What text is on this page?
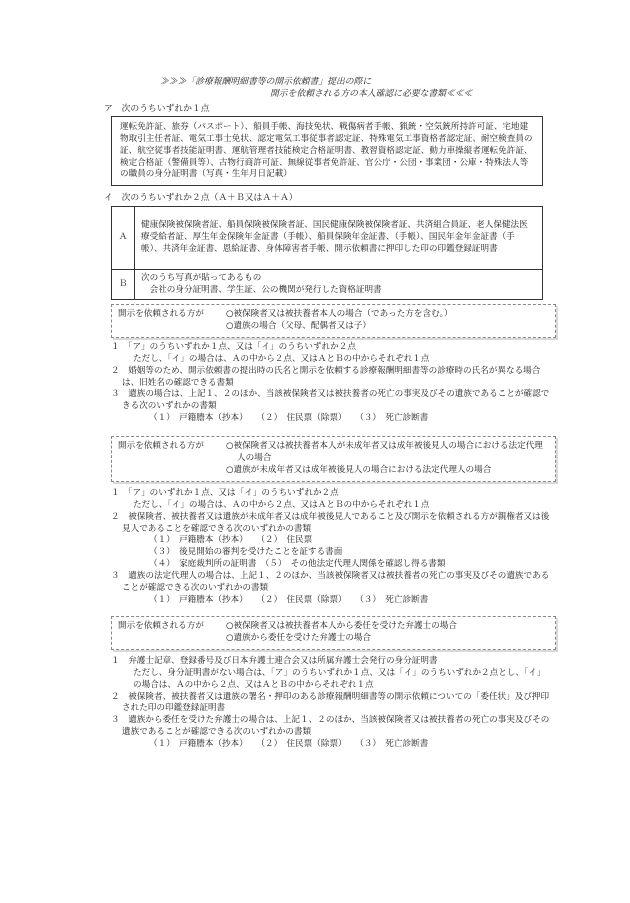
≫≫≫「診療報酬明細書等の開示依頼書」提出の際に
開示を依頼される方の本人確認に必要な書類≪≪≪
ア　次のうちいずれか１点
運転免許証、旅券（パスポート）、船員手帳、海技免状、戦傷病者手帳、猟銃・空気銃所持許可証、宅地建物取引主任者証、電気工事士免状、認定電気工事従事者認定証、特殊電気工事資格者認定証、耐空検査員の証、航空従事者技能証明書、運航管理者技能検定合格証明書、教習資格認定証、動力車操縦者運転免許証、検定合格証（警備員等）、古物行商許可証、無線従事者免許証、官公庁・公団・事業団・公庫・特殊法人等の職員の身分証明書（写真・生年月日記載）
イ　次のうちいずれか２点（Ａ＋Ｂ又はＡ＋Ａ）
Ａ	健康保険被保険者証、船員保険被保険者証、国民健康保険被保険者証、共済組合員証、老人保健法医療受給者証、厚生年金保険年金証書（手帳）、船員保険年金証書、（手帳）、国民年金年金証書（手帳）、共済年金証書、恩給証書、身体障害者手帳、開示依頼書に押印した印の印鑑登録証明書
Ｂ	次のうち写真が貼ってあるもの
　会社の身分証明書、学生証、公の機関が発行した資格証明書
開示を依頼される方が	○被保険者又は被扶養者本人の場合（であった方を含む。）
○遺族の場合（父母、配偶者又は子）
１　「ア」のうちいずれか１点、又は「イ」のうちいずれか２点
ただし、「イ」の場合は、Ａの中から２点、又はＡとＢの中からそれぞれ１点
２　婚姻等のため、開示依頼書の提出時の氏名と開示を依頼する診療報酬明細書等の診療時の氏名が異なる場合は、旧姓名の確認できる書類
３　遺族の場合は、上記１、２のほか、当該被保険者又は被扶養者の死亡の事実及びその遺族であることが確認できる次のいずれかの書類
（１）　戸籍謄本（抄本）　　（２）　住民票（除票）　　（３）　死亡診断書
開示を依頼される方が	○被保険者又は被扶養者本人が未成年者又は成年被後見人の場合における法定代理人の場合
○遺族が未成年者又は成年被後見人の場合における法定代理人の場合
１　「ア」のいずれか１点、又は「イ」のうちいずれか２点
ただし、「イ」の場合は、Ａの中から２点、又はＡとＢの中からそれぞれ１点
２　被保険者、被扶養者又は遺族が未成年者又は成年被後見人であること及び開示を依頼される方が親権者又は後見人であることを確認できる次のいずれかの書類
（１）　戸籍謄本（抄本）　　（２）　住民票
（３）　後見開始の審判を受けたことを証する書面
（４）　家庭裁判所の証明書　（５）　その他法定代理人関係を確認し得る書類
３　遺族の法定代理人の場合は、上記１、２のほか、当該被保険者又は被扶養者の死亡の事実及びその遺族であることが確認できる次のいずれかの書類
（１）　戸籍謄本（抄本）　　（２）　住民票（除票）　　（３）　死亡診断書
開示を依頼される方が	○被保険者又は被扶養者本人から委任を受けた弁護士の場合
○遺族から委任を受けた弁護士の場合
１　弁護士記章、登録番号及び日本弁護士連合会又は所属弁護士会発行の身分証明書
ただし、身分証明書がない場合は、「ア」のうちいずれか１点、又は「イ」のうちいずれか２点とし、「イ」の場合は、Ａの中から２点、又はＡとＢの中からそれぞれ１点
２　被保険者、被扶養者又は遺族の署名・押印のある診療報酬明細書等の開示依頼についての「委任状」及び押印された印の印鑑登録証明書
３　遺族から委任を受けた弁護士の場合は、上記１、２のほか、当該被保険者又は被扶養者の死亡の事実及びその遺族であることが確認できる次のいずれかの書類
（１）　戸籍謄本（抄本）　　（２）　住民票（除票）　　（３）　死亡診断書
